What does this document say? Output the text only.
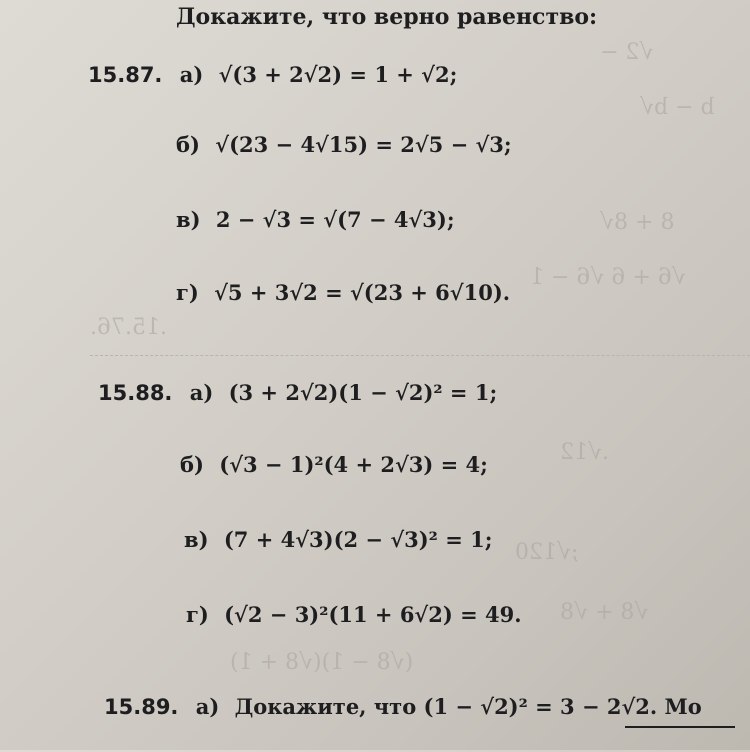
√2 −
b − b√
8 + 8√
√6 + 6 √6 − 1
.15.76.
.√12
;√120
√8 + √8
(√8 − 1)(√8 + 1)
Докажите, что верно равенство:
15.87. а) √(3 + 2√2) = 1 + √2;
б) √(23 − 4√15) = 2√5 − √3;
в) 2 − √3 = √(7 − 4√3);
г) √5 + 3√2 = √(23 + 6√10).
15.88. а) (3 + 2√2)(1 − √2)² = 1;
б) (√3 − 1)²(4 + 2√3) = 4;
в) (7 + 4√3)(2 − √3)² = 1;
г) (√2 − 3)²(11 + 6√2) = 49.
15.89. а) Докажите, что (1 − √2)² = 3 − 2√2. Mo
